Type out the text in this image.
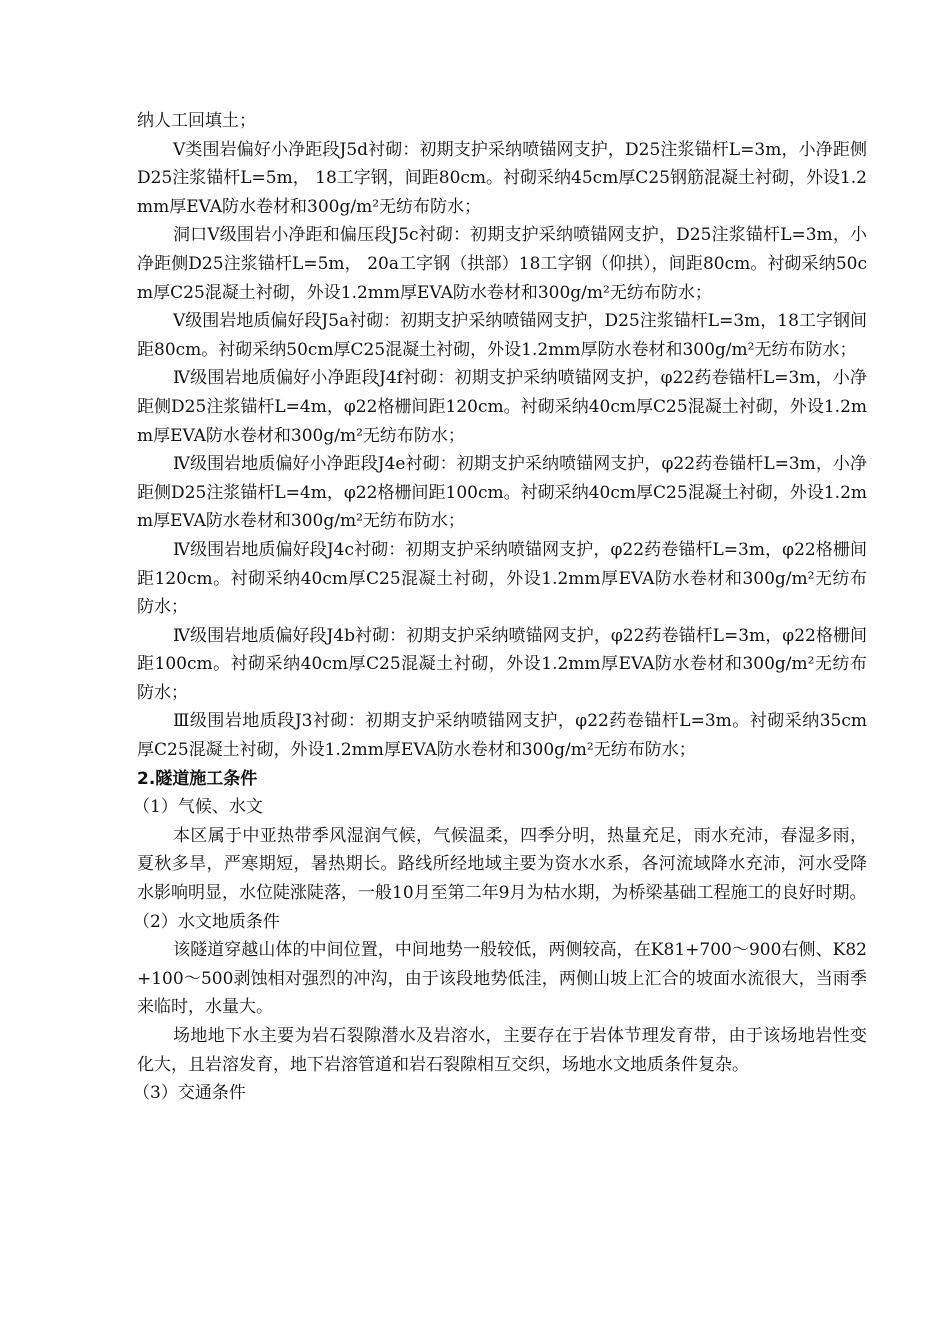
纳人工回填土；

Ⅴ类围岩偏好小净距段J5d衬砌：初期支护采纳喷锚网支护，D25注浆锚杆L=3m，小净距侧D25注浆锚杆L=5m， 18工字钢，间距80cm。衬砌采纳45cm厚C25钢筋混凝土衬砌，外设1.2mm厚EVA防水卷材和300g/m²无纺布防水；

洞口Ⅴ级围岩小净距和偏压段J5c衬砌：初期支护采纳喷锚网支护，D25注浆锚杆L=3m，小净距侧D25注浆锚杆L=5m， 20a工字钢（拱部）18工字钢（仰拱），间距80cm。衬砌采纳50cm厚C25混凝土衬砌，外设1.2mm厚EVA防水卷材和300g/m²无纺布防水；

Ⅴ级围岩地质偏好段J5a衬砌：初期支护采纳喷锚网支护，D25注浆锚杆L=3m，18工字钢间距80cm。衬砌采纳50cm厚C25混凝土衬砌，外设1.2mm厚防水卷材和300g/m²无纺布防水；

Ⅳ级围岩地质偏好小净距段J4f衬砌：初期支护采纳喷锚网支护，φ22药卷锚杆L=3m，小净距侧D25注浆锚杆L=4m，φ22格栅间距120cm。衬砌采纳40cm厚C25混凝土衬砌，外设1.2mm厚EVA防水卷材和300g/m²无纺布防水；

Ⅳ级围岩地质偏好小净距段J4e衬砌：初期支护采纳喷锚网支护，φ22药卷锚杆L=3m，小净距侧D25注浆锚杆L=4m，φ22格栅间距100cm。衬砌采纳40cm厚C25混凝土衬砌，外设1.2mm厚EVA防水卷材和300g/m²无纺布防水；

Ⅳ级围岩地质偏好段J4c衬砌：初期支护采纳喷锚网支护，φ22药卷锚杆L=3m，φ22格栅间距120cm。衬砌采纳40cm厚C25混凝土衬砌，外设1.2mm厚EVA防水卷材和300g/m²无纺布防水；

Ⅳ级围岩地质偏好段J4b衬砌：初期支护采纳喷锚网支护，φ22药卷锚杆L=3m，φ22格栅间距100cm。衬砌采纳40cm厚C25混凝土衬砌，外设1.2mm厚EVA防水卷材和300g/m²无纺布防水；

Ⅲ级围岩地质段J3衬砌：初期支护采纳喷锚网支护，φ22药卷锚杆L=3m。衬砌采纳35cm厚C25混凝土衬砌，外设1.2mm厚EVA防水卷材和300g/m²无纺布防水；

2.隧道施工条件

（1）气候、水文

本区属于中亚热带季风湿润气候，气候温柔，四季分明，热量充足，雨水充沛，春湿多雨，夏秋多旱，严寒期短，暑热期长。路线所经地域主要为资水水系，各河流域降水充沛，河水受降水影响明显，水位陡涨陡落，一般10月至第二年9月为枯水期，为桥梁基础工程施工的良好时期。

（2）水文地质条件

该隧道穿越山体的中间位置，中间地势一般较低，两侧较高，在K81+700～900右侧、K82+100～500剥蚀相对强烈的冲沟，由于该段地势低洼，两侧山坡上汇合的坡面水流很大，当雨季来临时，水量大。

场地地下水主要为岩石裂隙潜水及岩溶水，主要存在于岩体节理发育带，由于该场地岩性变化大，且岩溶发育，地下岩溶管道和岩石裂隙相互交织，场地水文地质条件复杂。

（3）交通条件
